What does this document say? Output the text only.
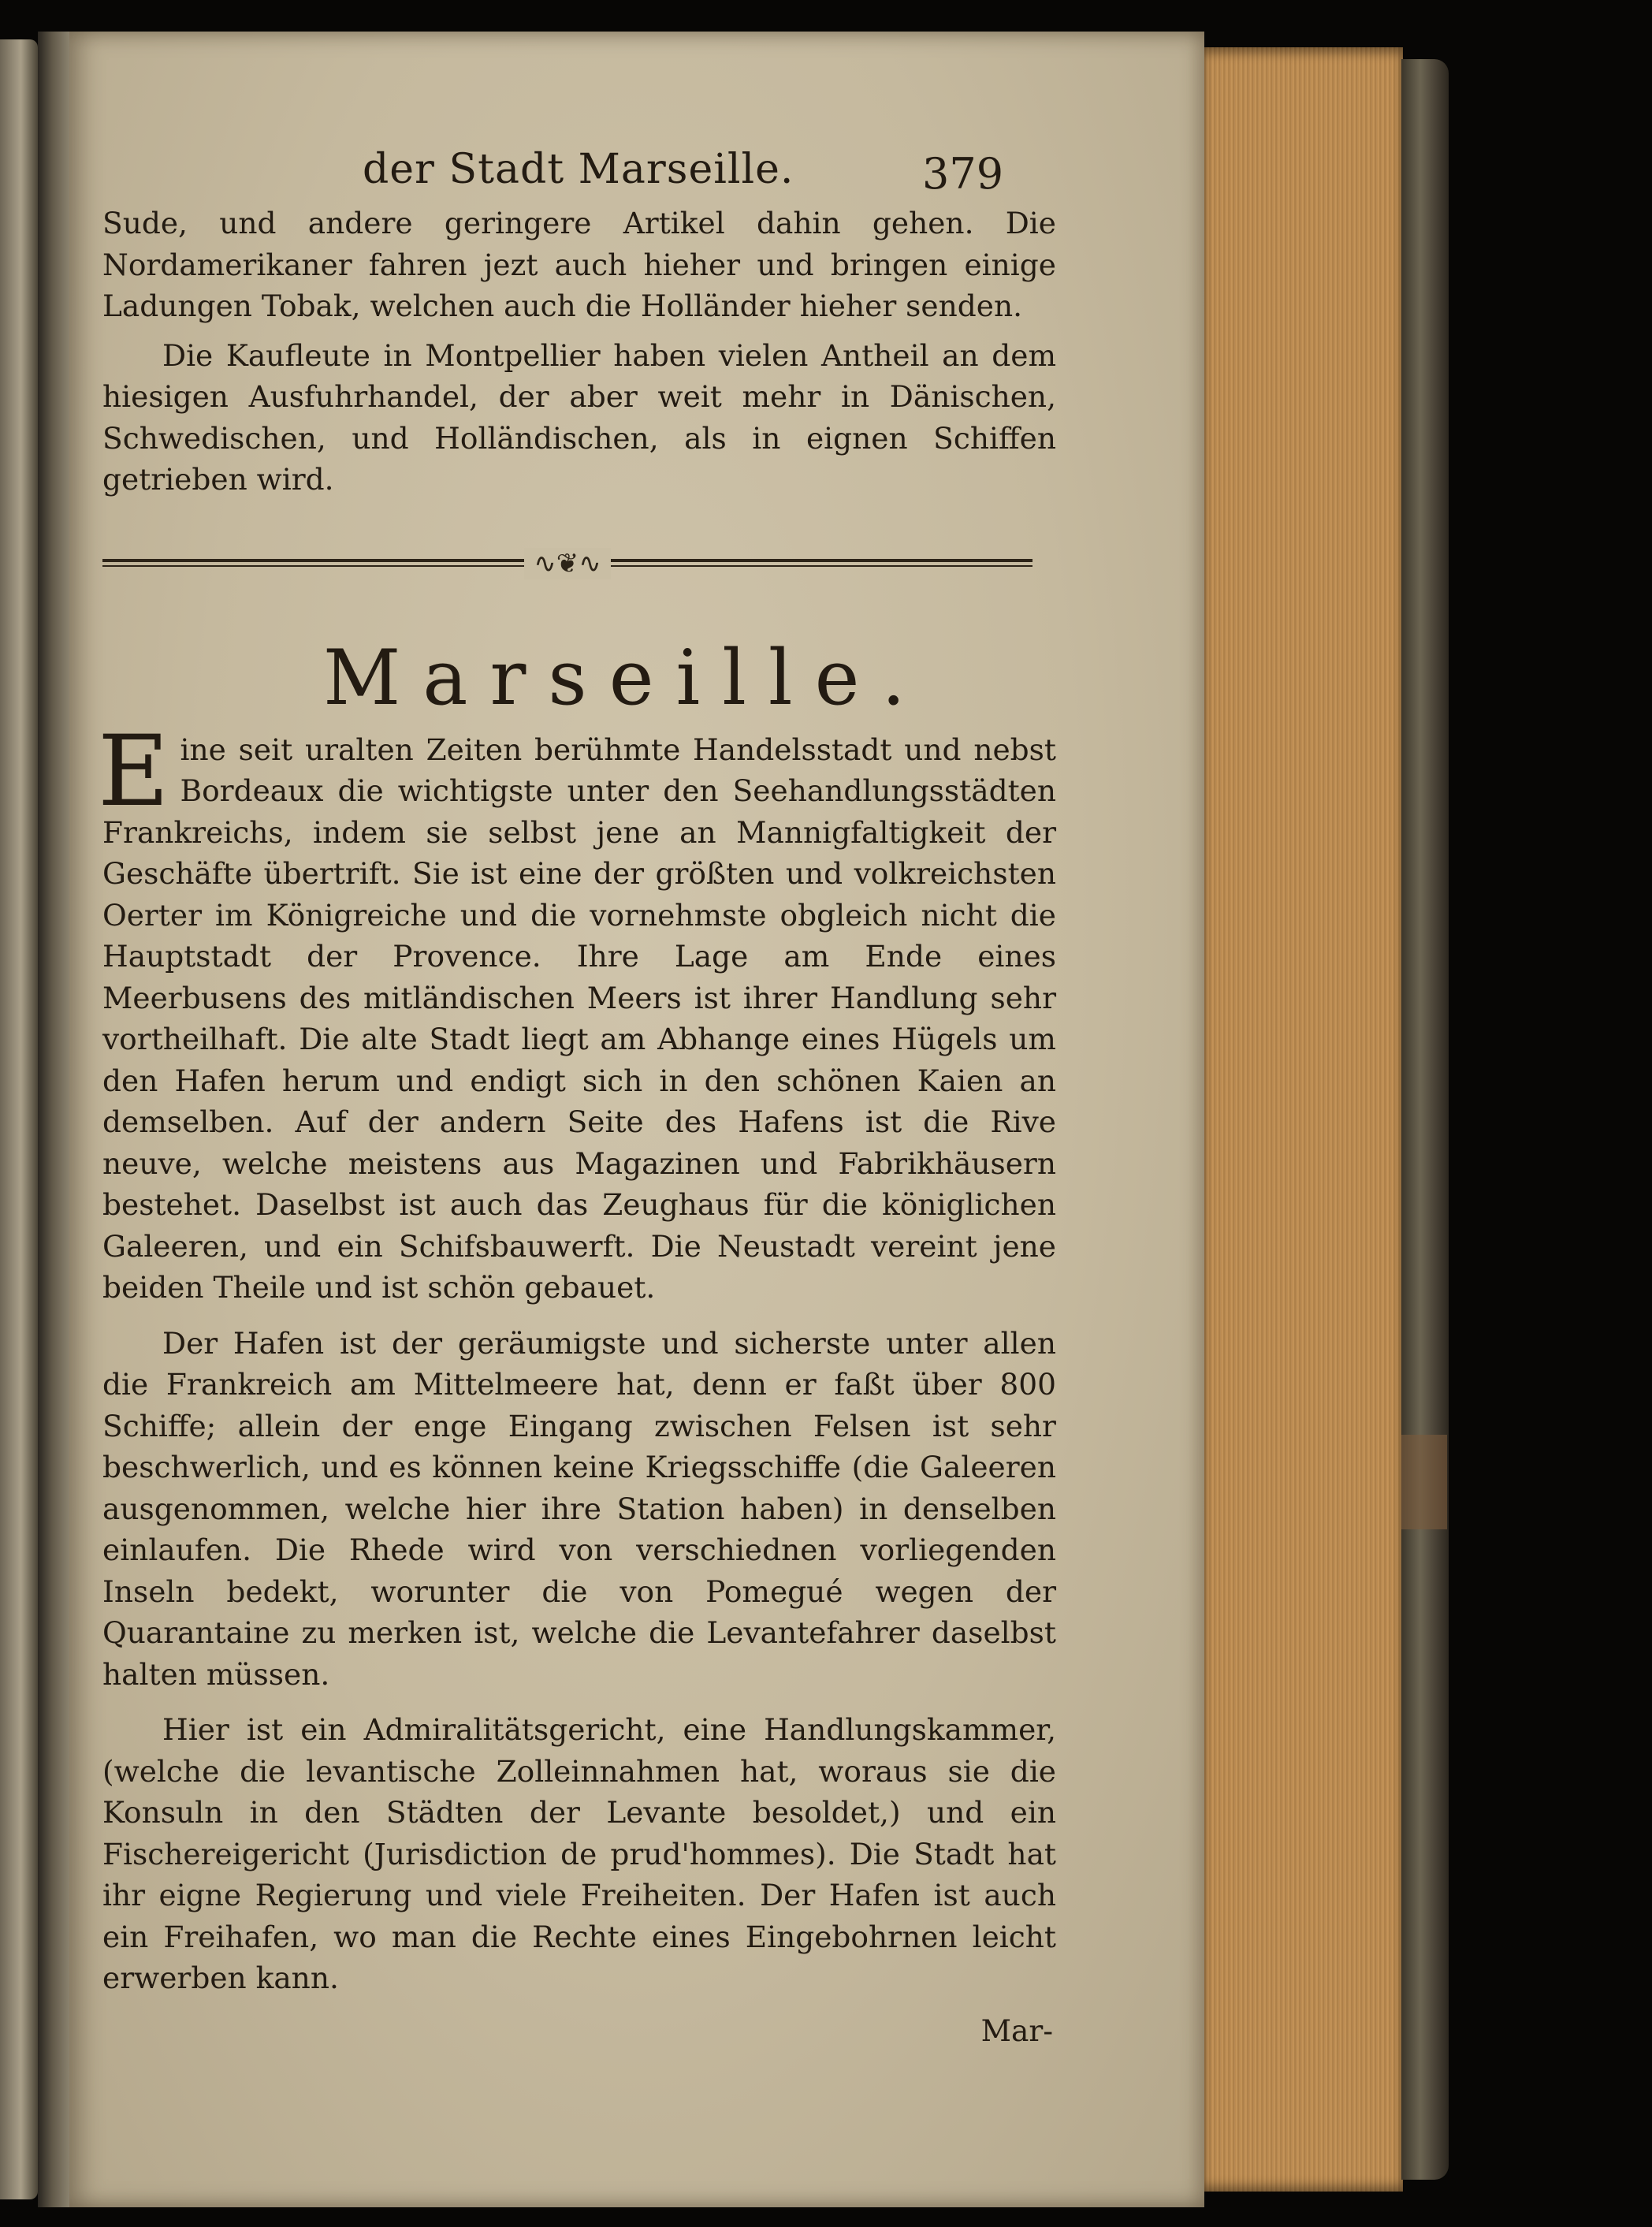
der Stadt Marseille.	379

Sude, und andere geringere Artikel dahin gehen. Die Nordamerikaner fahren jezt auch hieher und bringen einige Ladungen Tobak, welchen auch die Holländer hieher senden.

Die Kaufleute in Montpellier haben vielen Antheil an dem hiesigen Ausfuhrhandel, der aber weit mehr in Dänischen, Schwedischen, und Holländischen, als in eignen Schiffen getrieben wird.

∿❦∿
Marseille.

Eine seit uralten Zeiten berühmte Handelsstadt und nebst Bordeaux die wichtigste unter den Seehandlungsstädten Frankreichs, indem sie selbst jene an Mannigfaltigkeit der Geschäfte übertrift. Sie ist eine der größten und volkreichsten Oerter im Königreiche und die vornehmste obgleich nicht die Hauptstadt der Provence. Ihre Lage am Ende eines Meerbusens des mitländischen Meers ist ihrer Handlung sehr vortheilhaft. Die alte Stadt liegt am Abhange eines Hügels um den Hafen herum und endigt sich in den schönen Kaien an demselben. Auf der andern Seite des Hafens ist die Rive neuve, welche meistens aus Magazinen und Fabrikhäusern bestehet. Daselbst ist auch das Zeughaus für die königlichen Galeeren, und ein Schifsbauwerft. Die Neustadt vereint jene beiden Theile und ist schön gebauet.

Der Hafen ist der geräumigste und sicherste unter allen die Frankreich am Mittelmeere hat, denn er faßt über 800 Schiffe; allein der enge Eingang zwischen Felsen ist sehr beschwerlich, und es können keine Kriegsschiffe (die Galeeren ausgenommen, welche hier ihre Station haben) in denselben einlaufen. Die Rhede wird von verschiednen vorliegenden Inseln bedekt, worunter die von Pomegué wegen der Quarantaine zu merken ist, welche die Levantefahrer daselbst halten müssen.

Hier ist ein Admiralitätsgericht, eine Handlungskammer, (welche die levantische Zolleinnahmen hat, woraus sie die Konsuln in den Städten der Levante besoldet,) und ein Fischereigericht (Jurisdiction de prud'hommes). Die Stadt hat ihr eigne Regierung und viele Freiheiten. Der Hafen ist auch ein Freihafen, wo man die Rechte eines Eingebohrnen leicht erwerben kann.

Mar-
